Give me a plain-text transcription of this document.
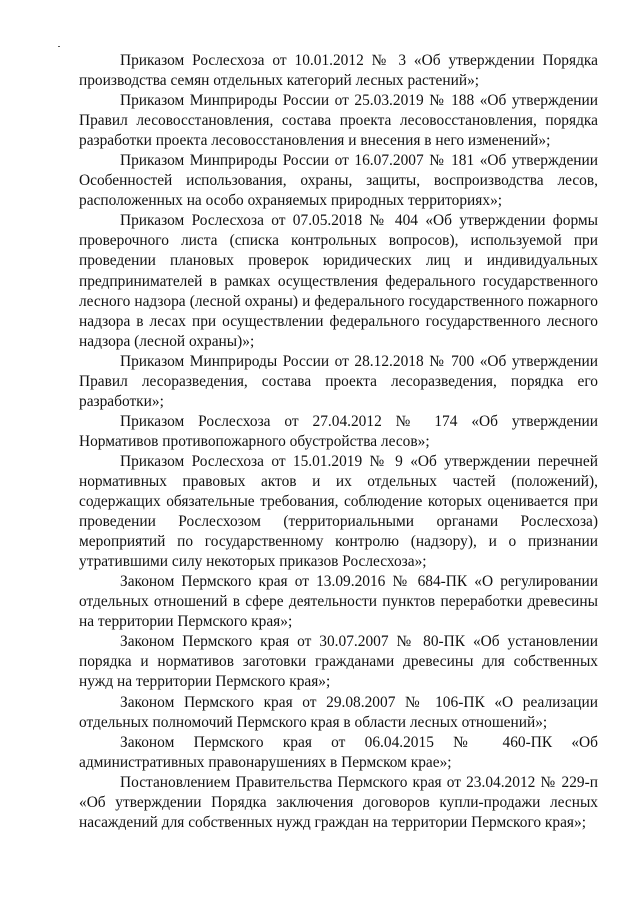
Приказом Рослесхоза от 10.01.2012 № 3 «Об утверждении Порядка производства семян отдельных категорий лесных растений»;

Приказом Минприроды России от 25.03.2019 № 188 «Об утверждении Правил лесовосстановления, состава проекта лесовосстановления, порядка разработки проекта лесовосстановления и внесения в него изменений»;

Приказом Минприроды России от 16.07.2007 № 181 «Об утверждении Особенностей использования, охраны, защиты, воспроизводства лесов, расположенных на особо охраняемых природных территориях»;

Приказом Рослесхоза от 07.05.2018 № 404 «Об утверждении формы проверочного листа (списка контрольных вопросов), используемой при проведении плановых проверок юридических лиц и индивидуальных предпринимателей в рамках осуществления федерального государственного лесного надзора (лесной охраны) и федерального государственного пожарного надзора в лесах при осуществлении федерального государственного лесного надзора (лесной охраны)»;

Приказом Минприроды России от 28.12.2018 № 700 «Об утверждении Правил лесоразведения, состава проекта лесоразведения, порядка его разработки»;

Приказом Рослесхоза от 27.04.2012 № 174 «Об утверждении Нормативов противопожарного обустройства лесов»;

Приказом Рослесхоза от 15.01.2019 № 9 «Об утверждении перечней нормативных правовых актов и их отдельных частей (положений), содержащих обязательные требования, соблюдение которых оценивается при проведении Рослесхозом (территориальными органами Рослесхоза) мероприятий по государственному контролю (надзору), и о признании утратившими силу некоторых приказов Рослесхоза»;

Законом Пермского края от 13.09.2016 № 684-ПК «О регулировании отдельных отношений в сфере деятельности пунктов переработки древесины на территории Пермского края»;

Законом Пермского края от 30.07.2007 № 80-ПК «Об установлении порядка и нормативов заготовки гражданами древесины для собственных нужд на территории Пермского края»;

Законом Пермского края от 29.08.2007 № 106-ПК «О реализации отдельных полномочий Пермского края в области лесных отношений»;

Законом Пермского края от 06.04.2015 № 460-ПК «Об административных правонарушениях в Пермском крае»;

Постановлением Правительства Пермского края от 23.04.2012 № 229-п «Об утверждении Порядка заключения договоров купли-продажи лесных насаждений для собственных нужд граждан на территории Пермского края»;
